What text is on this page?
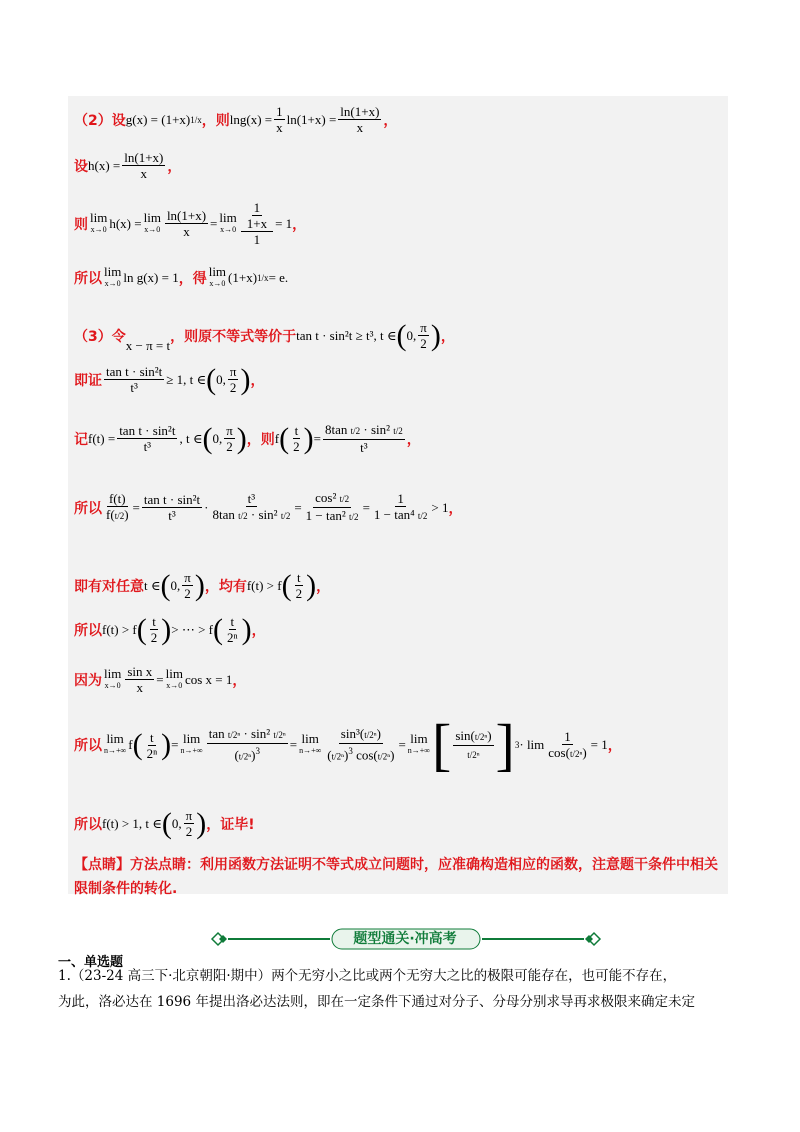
（2）设 g(x) = (1+x) 1/x ，则 $\ln g(x) = \frac{1}{x} \ln(1+x) = \frac{\ln(1+x)}{x}$ ，
设 $h(x) = \frac{\ln(1+x)}{x}$ ，
则 lim
x→0 h(x) = lim
$x\to 0 \frac{\ln(1+x)}{x} = \lim$
$x\to 0 \frac{\frac{1}{1+x}}{1} = 1$ ，
所以 lim
x→0 ln g(x) = 1 ，得 lim
x→0 (1+x) 1/x = e .
（3）令
x − π = t
，则原不等式等价于 tan t · sin²t ≥ t³, t ∈ ( 0, $\frac{\pi}{2}$ ) ，
即证 $\frac{\text{tan t · sin²t}}{\text{t³}} \ge 1$, t ∈ ( 0, $\frac{\pi}{2}$ ) ，
记 $f(t) = \frac{\text{tan t · sin²t}}{\text{t³}}$ , t ∈ ( 0, $\frac{\pi}{2}$ ) ，则 f ( $\frac{t}{2}$ ) = $\frac{\text{8tan t/2 · sin² t/2}}{\text{t³}}$ ，
所以 $\frac{f(t)}{f(t/2)} = \frac{\text{tan t · sin²t}}{\text{t³}} \cdot \frac{\text{t³}}{\text{8tan t/2 · sin² t/2}} = \frac{\text{cos² t/2}}{\text{1 − tan² t/2}} = \frac{1}{\text{1 − tan⁴ t/2}} > 1$ ，
即有对任意 t ∈ ( 0, $\frac{\pi}{2}$ ) ，均有 f(t) > f ( $\frac{t}{2}$ ) ，
所以 f(t) > f ( $\frac{t}{2}$ ) > ⋯ > f ( $\frac{t}{\text{2ⁿ}}$ ) ，
因为 lim
$x\to 0 \frac{\text{sin x}}{x} = \lim$
x→0 cos x = 1 ，
所以 lim
n→+∞ f ( $\frac{t}{\text{2ⁿ}}$ ) = lim
$n\to+\infty \frac{\text{tan t/2ⁿ · sin² t/2ⁿ}}{(t/2^n)^3} = \lim$
$n\to+\infty \frac{\text{sin³(t/2ⁿ)}}{(t/2^n)^3 \cos(t/2^n)} = \lim$
n→+∞ [ $\frac{\text{sin(t/2ⁿ)}}{\text{t/2ⁿ}}$ ] $3 \cdot \lim \frac{1}{\text{cos(t/2ⁿ)}} = 1$ ，
所以 f(t) > 1, t ∈ ( 0, $\frac{\pi}{2}$ ) ，证毕!
【点睛】 方法点睛：利用函数方法证明不等式成立问题时，应准确构造相应的函数，注意题干条件中相关
限制条件的转化.
题型通关·冲高考
一、单选题
1.（23-24 高三下·北京朝阳·期中）两个无穷小之比或两个无穷大之比的极限可能存在，也可能不存在，
为此，洛必达在 1696 年提出洛必达法则，即在一定条件下通过对分子、分母分别求导再求极限来确定未定
